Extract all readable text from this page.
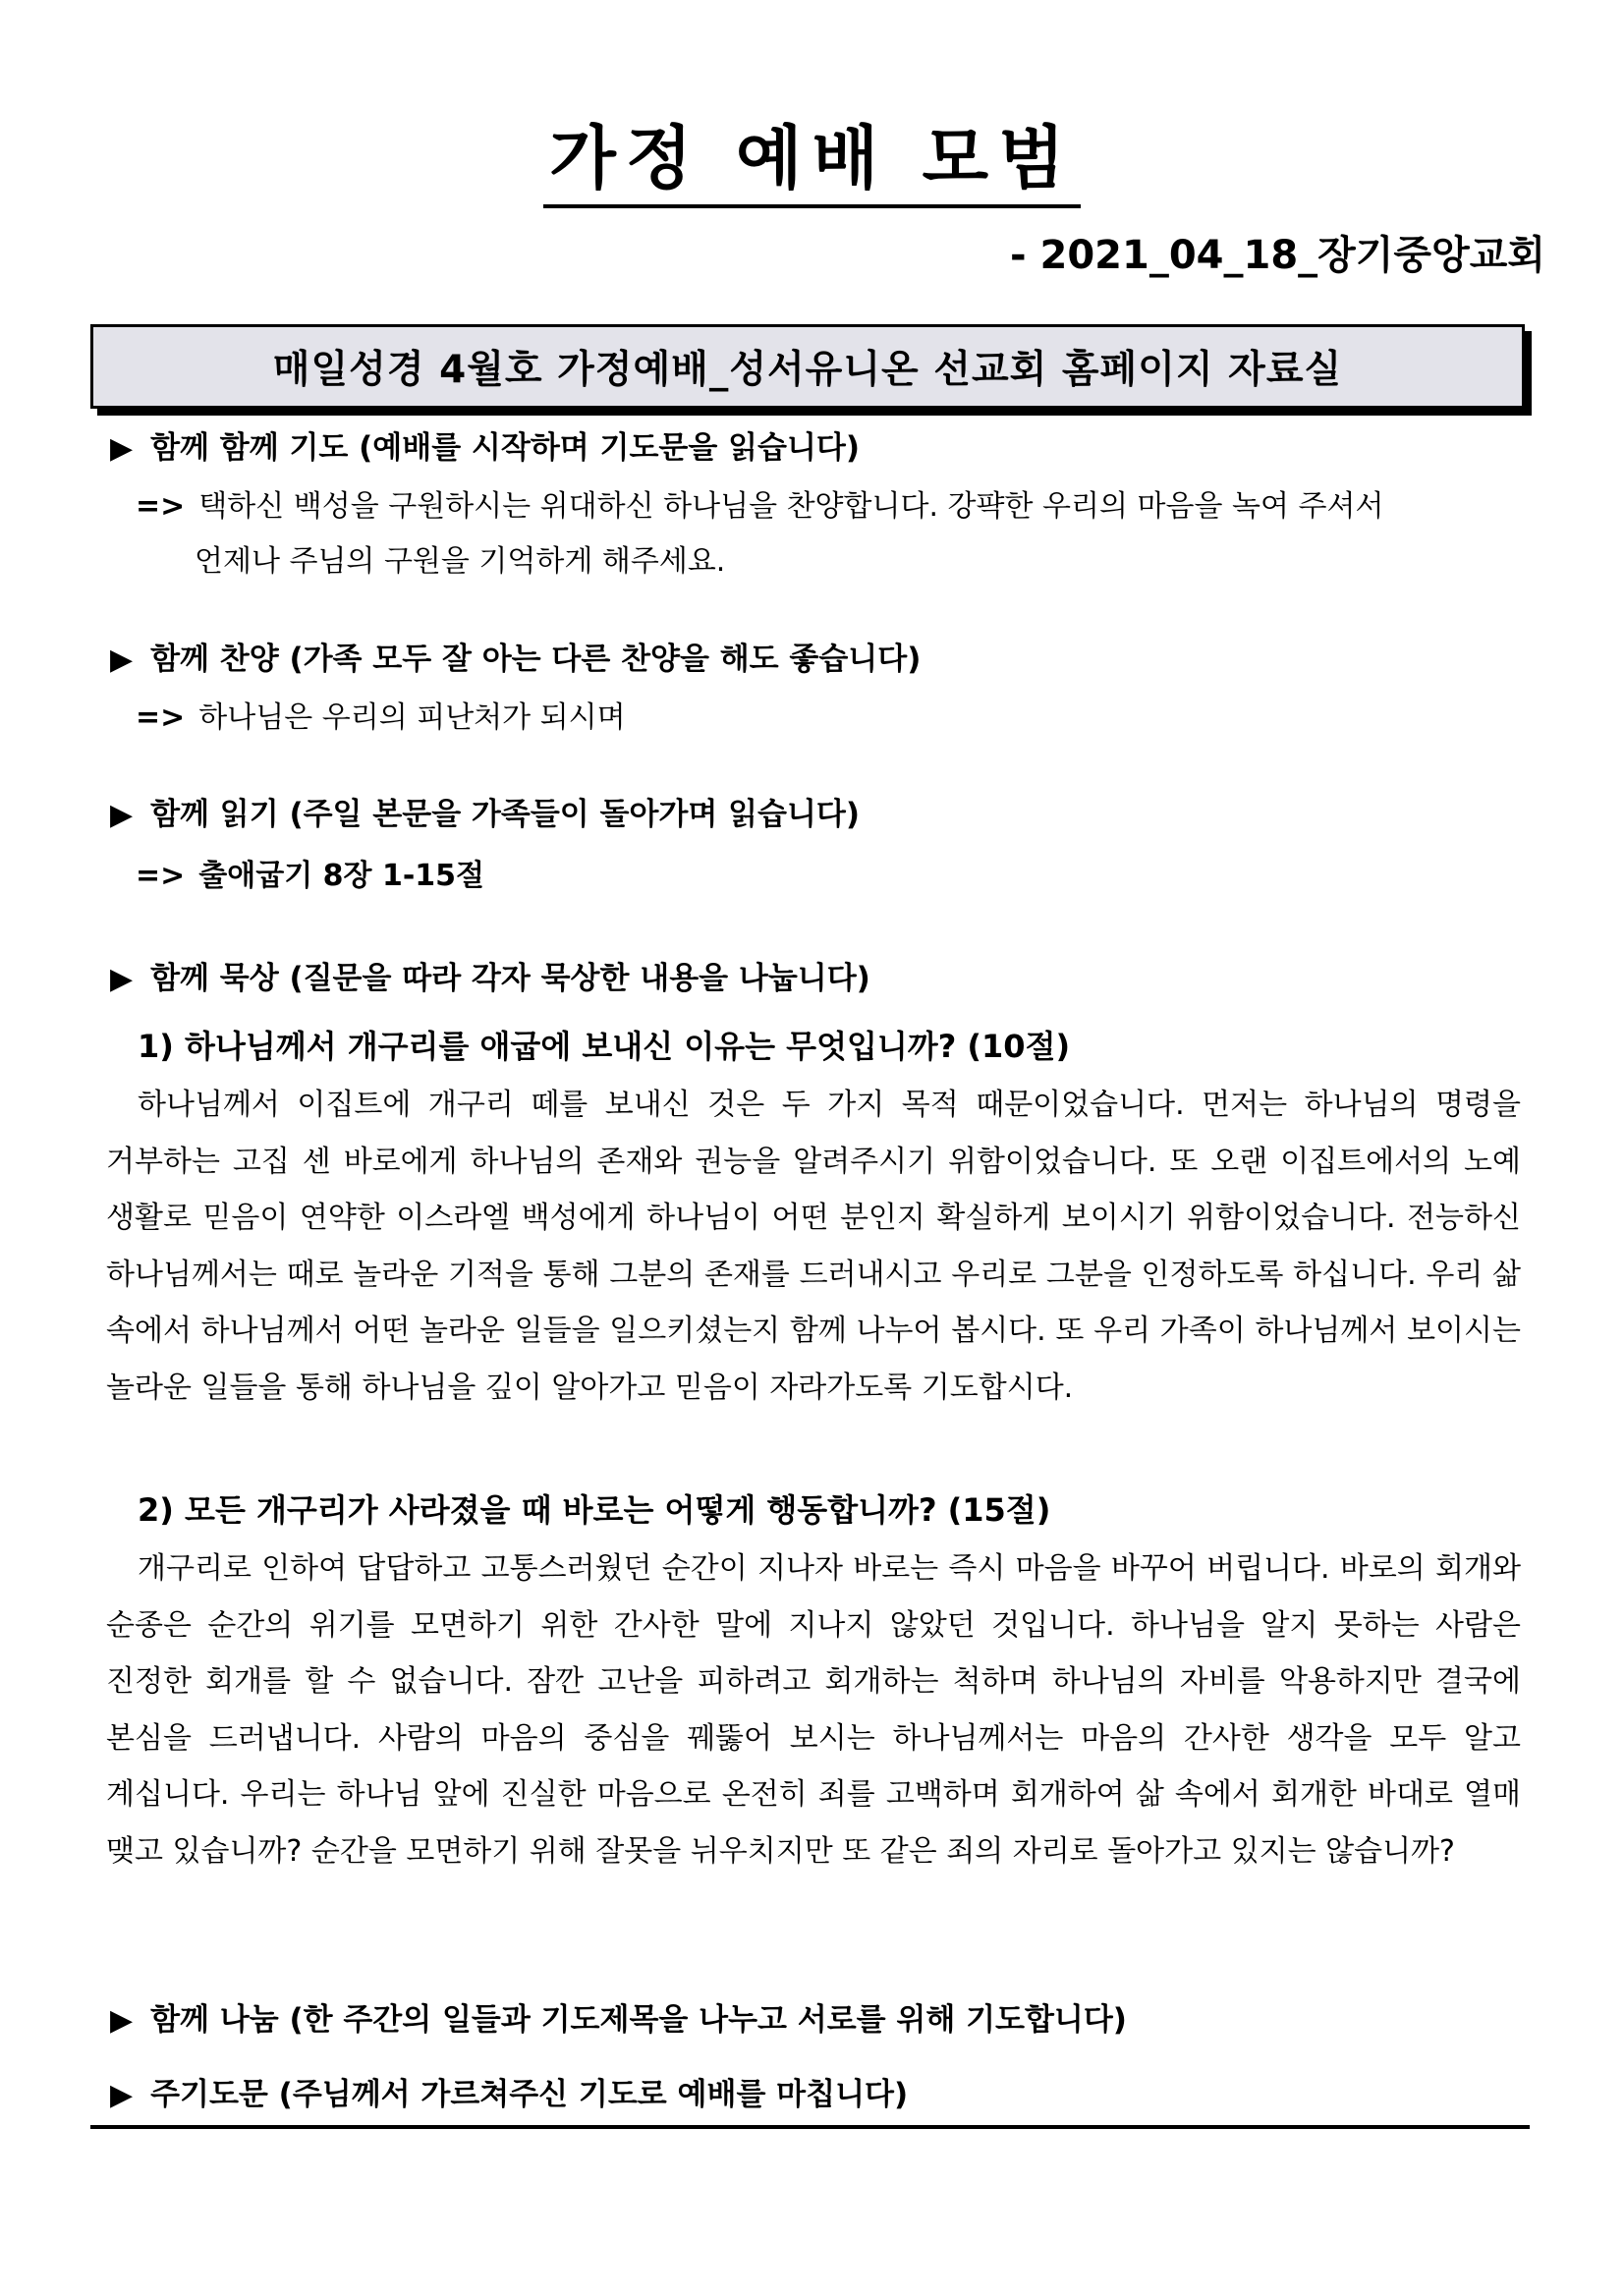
가정 예배 모범

- 2021_04_18_장기중앙교회

매일성경 4월호 가정예배_성서유니온 선교회 홈페이지 자료실

▶ 함께 함께 기도 (예배를 시작하며 기도문을 읽습니다)

=> 택하신 백성을 구원하시는 위대하신 하나님을 찬양합니다. 강퍅한 우리의 마음을 녹여 주셔서

언제나 주님의 구원을 기억하게 해주세요.

▶ 함께 찬양 (가족 모두 잘 아는 다른 찬양을 해도 좋습니다)

=> 하나님은 우리의 피난처가 되시며

▶ 함께 읽기 (주일 본문을 가족들이 돌아가며 읽습니다)

=> 출애굽기 8장 1-15절

▶ 함께 묵상 (질문을 따라 각자 묵상한 내용을 나눕니다)

1) 하나님께서 개구리를 애굽에 보내신 이유는 무엇입니까? (10절)

하나님께서 이집트에 개구리 떼를 보내신 것은 두 가지 목적 때문이었습니다. 먼저는 하나님의 명령을 거부하는 고집 센 바로에게 하나님의 존재와 권능을 알려주시기 위함이었습니다. 또 오랜 이집트에서의 노예 생활로 믿음이 연약한 이스라엘 백성에게 하나님이 어떤 분인지 확실하게 보이시기 위함이었습니다. 전능하신 하나님께서는 때로 놀라운 기적을 통해 그분의 존재를 드러내시고 우리로 그분을 인정하도록 하십니다. 우리 삶 속에서 하나님께서 어떤 놀라운 일들을 일으키셨는지 함께 나누어 봅시다. 또 우리 가족이 하나님께서 보이시는 놀라운 일들을 통해 하나님을 깊이 알아가고 믿음이 자라가도록 기도합시다.

2) 모든 개구리가 사라졌을 때 바로는 어떻게 행동합니까? (15절)

개구리로 인하여 답답하고 고통스러웠던 순간이 지나자 바로는 즉시 마음을 바꾸어 버립니다. 바로의 회개와 순종은 순간의 위기를 모면하기 위한 간사한 말에 지나지 않았던 것입니다. 하나님을 알지 못하는 사람은 진정한 회개를 할 수 없습니다. 잠깐 고난을 피하려고 회개하는 척하며 하나님의 자비를 악용하지만 결국에 본심을 드러냅니다. 사람의 마음의 중심을 꿰뚫어 보시는 하나님께서는 마음의 간사한 생각을 모두 알고 계십니다. 우리는 하나님 앞에 진실한 마음으로 온전히 죄를 고백하며 회개하여 삶 속에서 회개한 바대로 열매 맺고 있습니까? 순간을 모면하기 위해 잘못을 뉘우치지만 또 같은 죄의 자리로 돌아가고 있지는 않습니까?

▶ 함께 나눔 (한 주간의 일들과 기도제목을 나누고 서로를 위해 기도합니다)

▶ 주기도문 (주님께서 가르쳐주신 기도로 예배를 마칩니다)
